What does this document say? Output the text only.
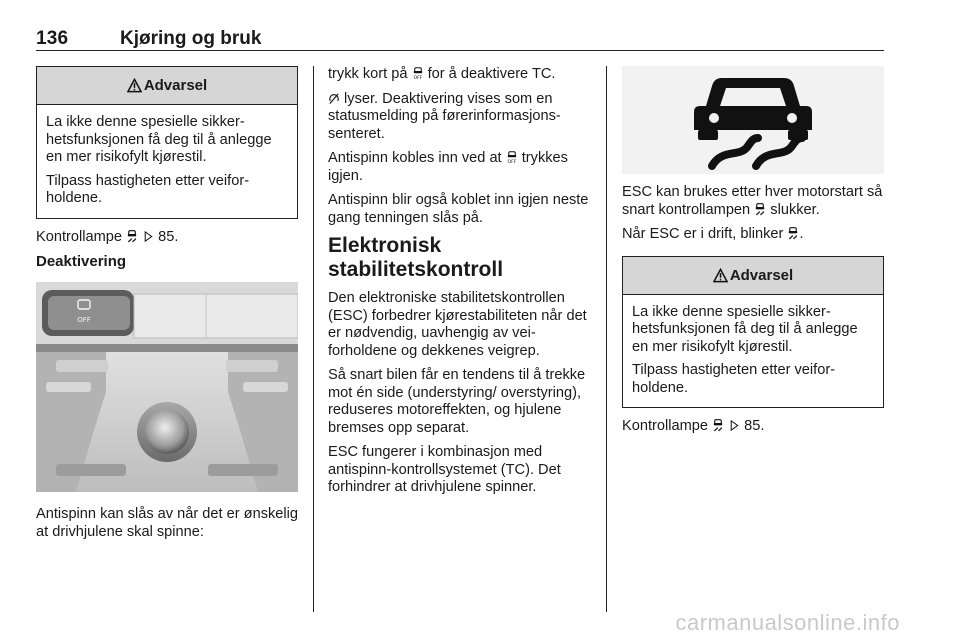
136	Kjøring og bruk
Advarsel

La ikke denne spesielle sikkerhetsfunksjonen få deg til å anlegge en mer risikofylt kjørestil.

Tilpass hastigheten etter veiforholdene.

Kontrollampe   85.

Deaktivering
OFF

Antispinn kan slås av når det er ønskelig at drivhjulene skal spinne:

trykk kort på  for å deaktivere TC.

lyser. Deaktivering vises som en statusmelding på førerinformasjonssenteret.

Antispinn kobles inn ved at  trykkes igjen.

Antispinn blir også koblet inn igjen neste gang tenningen slås på.

Elektronisk
stabilitetskontroll

Den elektroniske stabilitetskontrollen (ESC) forbedrer kjørestabiliteten når det er nødvendig, uavhengig av veiforholdene og dekkenes veigrep.

Så snart bilen får en tendens til å trekke mot én side (understyring/ overstyring), reduseres motoreffekten, og hjulene bremses opp separat.

ESC fungerer i kombinasjon med antispinn-kontrollsystemet (TC). Det forhindrer at drivhjulene spinner.

ESC kan brukes etter hver motorstart så snart kontrollampen  slukker.

Når ESC er i drift, blinker .

Advarsel

La ikke denne spesielle sikkerhetsfunksjonen få deg til å anlegge en mer risikofylt kjørestil.

Tilpass hastigheten etter veiforholdene.

Kontrollampe   85.

carmanualsonline.info
